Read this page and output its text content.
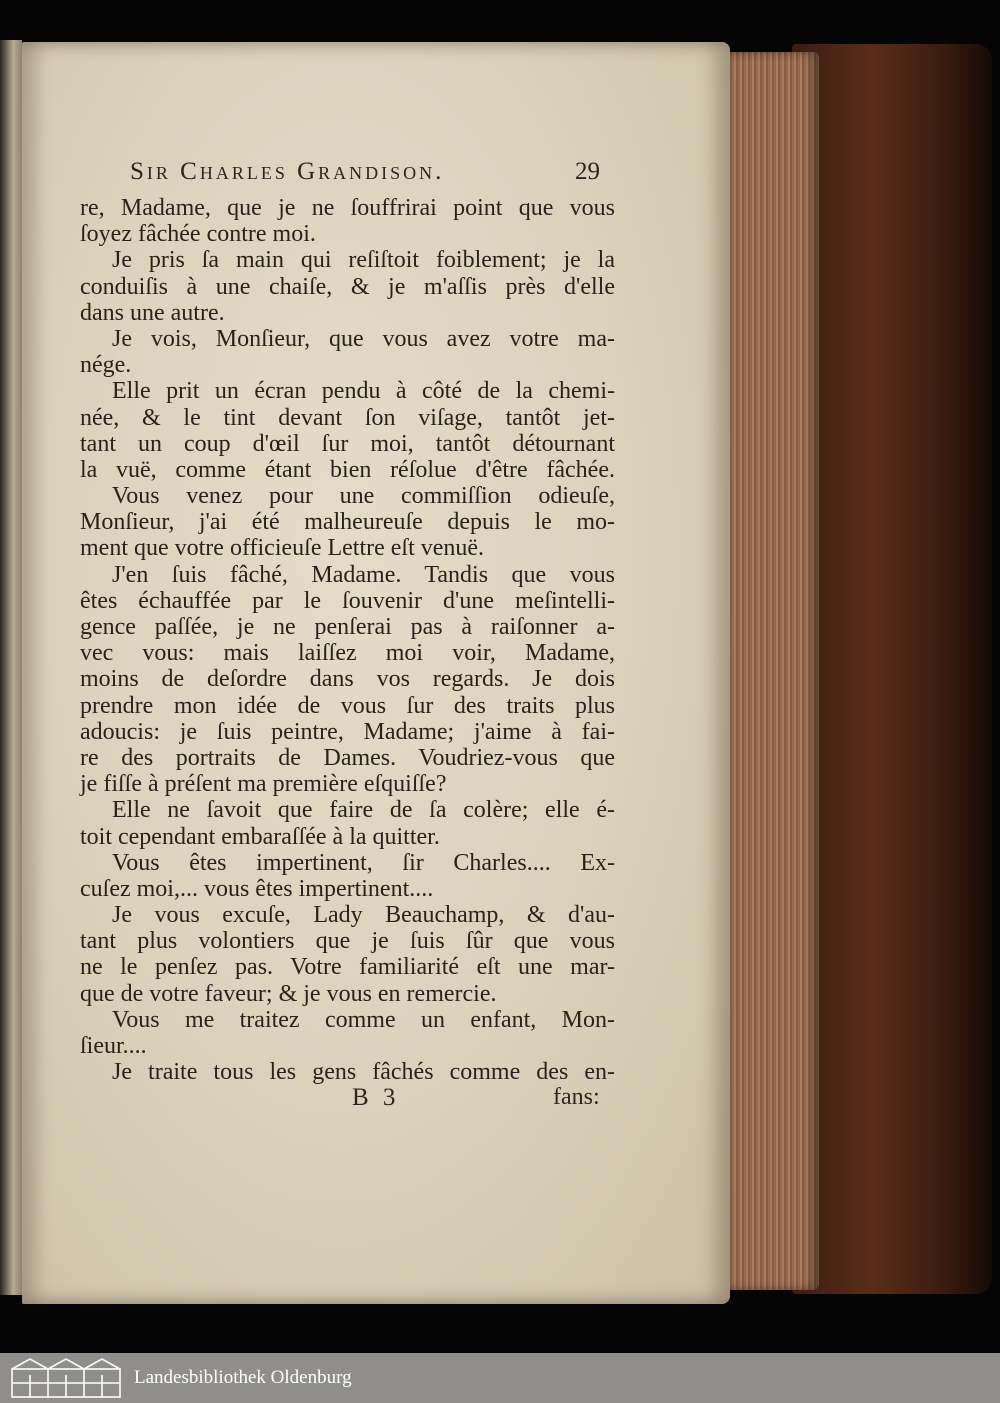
Sir Charles Grandison.	29
re, Madame, que je ne ſouffrirai point que vous
ſoyez fâchée contre moi.
Je pris ſa main qui reſiſtoit foiblement; je la
conduiſis à une chaiſe, & je m'aſſis près d'elle
dans une autre.
Je vois, Monſieur, que vous avez votre ma-
nége.
Elle prit un écran pendu à côté de la chemi-
née, & le tint devant ſon viſage, tantôt jet-
tant un coup d'œil ſur moi, tantôt détournant
la vuë, comme étant bien réſolue d'être fâchée.
Vous venez pour une commiſſion odieuſe,
Monſieur, j'ai été malheureuſe depuis le mo-
ment que votre officieuſe Lettre eſt venuë.
J'en ſuis fâché, Madame. Tandis que vous
êtes échauffée par le ſouvenir d'une meſintelli-
gence paſſée, je ne penſerai pas à raiſonner a-
vec vous: mais laiſſez moi voir, Madame,
moins de deſordre dans vos regards. Je dois
prendre mon idée de vous ſur des traits plus
adoucis: je ſuis peintre, Madame; j'aime à fai-
re des portraits de Dames. Voudriez-vous que
je fiſſe à préſent ma première eſquiſſe?
Elle ne ſavoit que faire de ſa colère; elle é-
toit cependant embaraſſée à la quitter.
Vous êtes impertinent, ſir Charles.... Ex-
cuſez moi,... vous êtes impertinent....
Je vous excuſe, Lady Beauchamp, & d'au-
tant plus volontiers que je ſuis ſûr que vous
ne le penſez pas. Votre familiarité eſt une mar-
que de votre faveur; & je vous en remercie.
Vous me traitez comme un enfant, Mon-
ſieur....
Je traite tous les gens fâchés comme des en-
B 3	fans:
Landesbibliothek Oldenburg
